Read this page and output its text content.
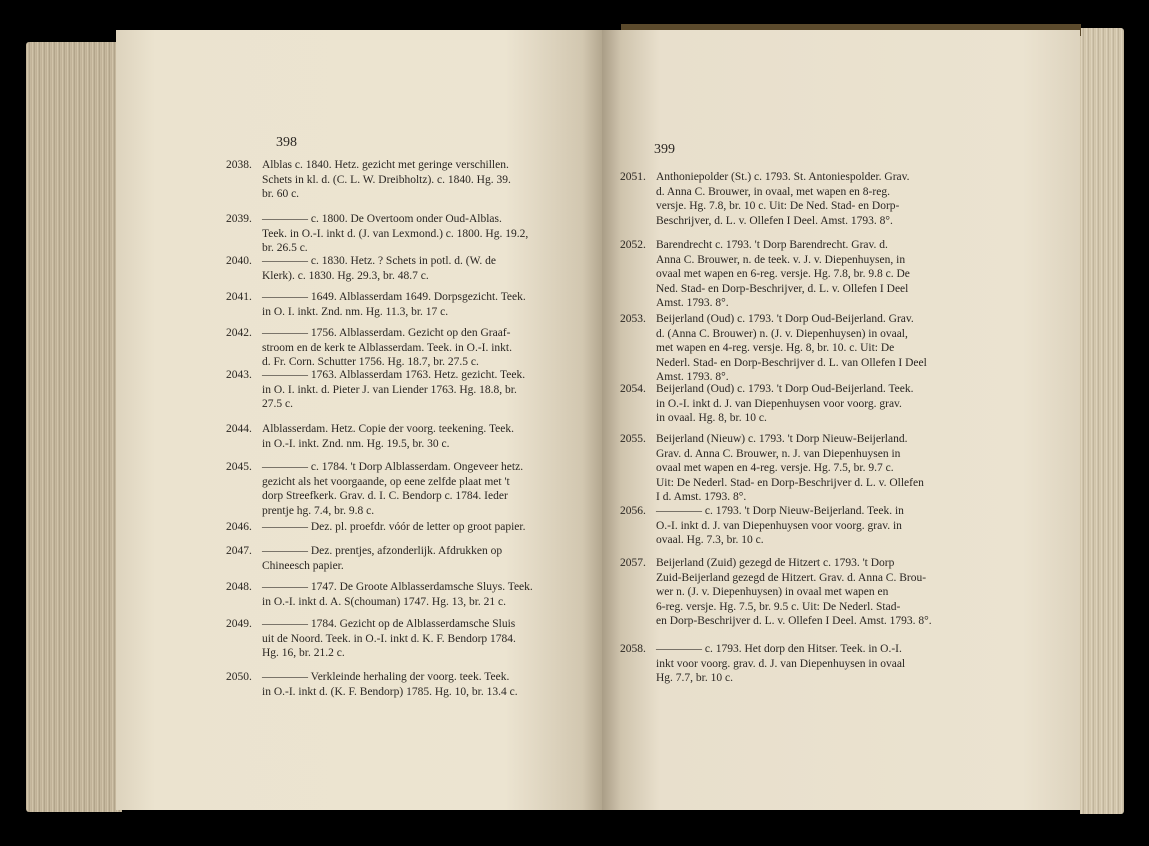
398
2038. Alblas c. 1840. Hetz. gezicht met geringe verschillen.
Schets in kl. d. (C. L. W. Dreibholtz). c. 1840. Hg. 39.
br. 60 c.
2039. ———— c. 1800. De Overtoom onder Oud-Alblas.
Teek. in O.-I. inkt d. (J. van Lexmond.) c. 1800. Hg. 19.2,
br. 26.5 c.
2040. ———— c. 1830. Hetz. ? Schets in potl. d. (W. de
Klerk). c. 1830. Hg. 29.3, br. 48.7 c.
2041. ———— 1649. Alblasserdam 1649. Dorpsgezicht. Teek.
in O. I. inkt. Znd. nm. Hg. 11.3, br. 17 c.
2042. ———— 1756. Alblasserdam. Gezicht op den Graaf-
stroom en de kerk te Alblasserdam. Teek. in O.-I. inkt.
d. Fr. Corn. Schutter 1756. Hg. 18.7, br. 27.5 c.
2043. ———— 1763. Alblasserdam 1763. Hetz. gezicht. Teek.
in O. I. inkt. d. Pieter J. van Liender 1763. Hg. 18.8, br.
27.5 c.
2044. Alblasserdam. Hetz. Copie der voorg. teekening. Teek.
in O.-I. inkt. Znd. nm. Hg. 19.5, br. 30 c.
2045. ———— c. 1784. 't Dorp Alblasserdam. Ongeveer hetz.
gezicht als het voorgaande, op eene zelfde plaat met 't
dorp Streefkerk. Grav. d. I. C. Bendorp c. 1784. Ieder
prentje hg. 7.4, br. 9.8 c.
2046. ———— Dez. pl. proefdr. vóór de letter op groot papier.
2047. ———— Dez. prentjes, afzonderlijk. Afdrukken op
Chineesch papier.
2048. ———— 1747. De Groote Alblasserdamsche Sluys. Teek.
in O.-I. inkt d. A. S(chouman) 1747. Hg. 13, br. 21 c.
2049. ———— 1784. Gezicht op de Alblasserdamsche Sluis
uit de Noord. Teek. in O.-I. inkt d. K. F. Bendorp 1784.
Hg. 16, br. 21.2 c.
2050. ———— Verkleinde herhaling der voorg. teek. Teek.
in O.-I. inkt d. (K. F. Bendorp) 1785. Hg. 10, br. 13.4 c.
399
2051. Anthoniepolder (St.) c. 1793. St. Antoniespolder. Grav.
d. Anna C. Brouwer, in ovaal, met wapen en 8-reg.
versje. Hg. 7.8, br. 10 c. Uit: De Ned. Stad- en Dorp-
Beschrijver, d. L. v. Ollefen I Deel. Amst. 1793. 8°.
2052. Barendrecht c. 1793. 't Dorp Barendrecht. Grav. d.
Anna C. Brouwer, n. de teek. v. J. v. Diepenhuysen, in
ovaal met wapen en 6-reg. versje. Hg. 7.8, br. 9.8 c. De
Ned. Stad- en Dorp-Beschrijver, d. L. v. Ollefen I Deel
Amst. 1793. 8°.
2053. Beijerland (Oud) c. 1793. 't Dorp Oud-Beijerland. Grav.
d. (Anna C. Brouwer) n. (J. v. Diepenhuysen) in ovaal,
met wapen en 4-reg. versje. Hg. 8, br. 10. c. Uit: De
Nederl. Stad- en Dorp-Beschrijver d. L. van Ollefen I Deel
Amst. 1793. 8°.
2054. Beijerland (Oud) c. 1793. 't Dorp Oud-Beijerland. Teek.
in O.-I. inkt d. J. van Diepenhuysen voor voorg. grav.
in ovaal. Hg. 8, br. 10 c.
2055. Beijerland (Nieuw) c. 1793. 't Dorp Nieuw-Beijerland.
Grav. d. Anna C. Brouwer, n. J. van Diepenhuysen in
ovaal met wapen en 4-reg. versje. Hg. 7.5, br. 9.7 c.
Uit: De Nederl. Stad- en Dorp-Beschrijver d. L. v. Ollefen
I d. Amst. 1793. 8°.
2056. ———— c. 1793. 't Dorp Nieuw-Beijerland. Teek. in
O.-I. inkt d. J. van Diepenhuysen voor voorg. grav. in
ovaal. Hg. 7.3, br. 10 c.
2057. Beijerland (Zuid) gezegd de Hitzert c. 1793. 't Dorp
Zuid-Beijerland gezegd de Hitzert. Grav. d. Anna C. Brou-
wer n. (J. v. Diepenhuysen) in ovaal met wapen en
6-reg. versje. Hg. 7.5, br. 9.5 c. Uit: De Nederl. Stad-
en Dorp-Beschrijver d. L. v. Ollefen I Deel. Amst. 1793. 8°.
2058. ———— c. 1793. Het dorp den Hitser. Teek. in O.-I.
inkt voor voorg. grav. d. J. van Diepenhuysen in ovaal
Hg. 7.7, br. 10 c.
